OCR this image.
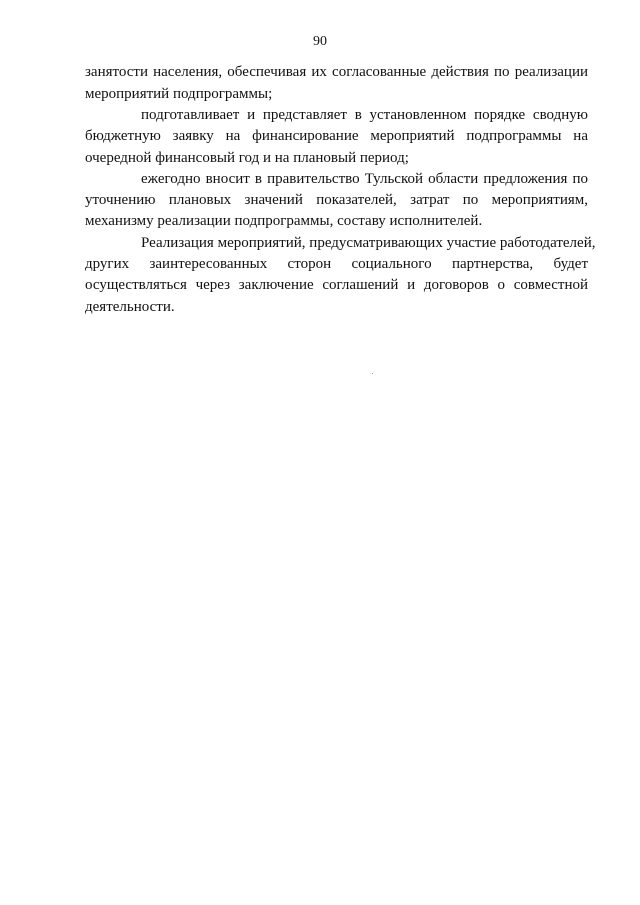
90
занятости населения, обеспечивая их согласованные действия по реализации
мероприятий подпрограммы;
подготавливает и представляет в установленном порядке сводную
бюджетную заявку на финансирование мероприятий подпрограммы на
очередной финансовый год и на плановый период;
ежегодно вносит в правительство Тульской области предложения по
уточнению плановых значений показателей, затрат по мероприятиям,
механизму реализации подпрограммы, составу исполнителей.
Реализация мероприятий, предусматривающих участие работодателей,
других заинтересованных сторон социального партнерства, будет
осуществляться через заключение соглашений и договоров о совместной
деятельности.
